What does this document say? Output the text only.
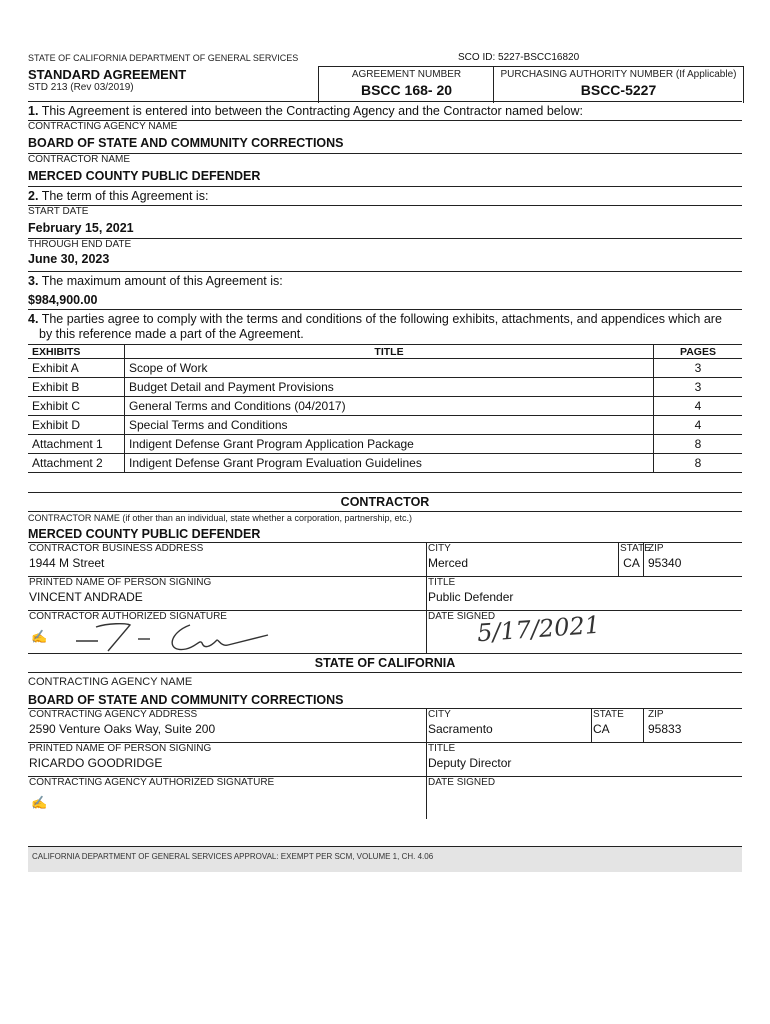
STATE OF CALIFORNIA DEPARTMENT OF GENERAL SERVICES
STANDARD AGREEMENT
STD 213 (Rev 03/2019)
SCO ID: 5227-BSCC16820
AGREEMENT NUMBER
BSCC 168- 20
PURCHASING AUTHORITY NUMBER (If Applicable)
BSCC-5227
1. This Agreement is entered into between the Contracting Agency and the Contractor named below:
CONTRACTING AGENCY NAME
BOARD OF STATE AND COMMUNITY CORRECTIONS
CONTRACTOR NAME
MERCED COUNTY PUBLIC DEFENDER
2. The term of this Agreement is:
START DATE
February 15, 2021
THROUGH END DATE
June 30, 2023
3. The maximum amount of this Agreement is:
$984,900.00
4. The parties agree to comply with the terms and conditions of the following exhibits, attachments, and appendices which are
by this reference made a part of the Agreement.
EXHIBITS	TITLE	PAGES
Exhibit A	Scope of Work	3
Exhibit B	Budget Detail and Payment Provisions	3
Exhibit C	General Terms and Conditions (04/2017)	4
Exhibit D	Special Terms and Conditions	4
Attachment 1	Indigent Defense Grant Program Application Package	8
Attachment 2	Indigent Defense Grant Program Evaluation Guidelines	8
CONTRACTOR
CONTRACTOR NAME (if other than an individual, state whether a corporation, partnership, etc.)
MERCED COUNTY PUBLIC DEFENDER
CONTRACTOR BUSINESS ADDRESS
1944 M Street
CITY
Merced
STATE
CA
ZIP
95340
PRINTED NAME OF PERSON SIGNING
VINCENT ANDRADE
TITLE
Public Defender
CONTRACTOR AUTHORIZED SIGNATURE
✍
DATE SIGNED
5/17/2021
STATE OF CALIFORNIA
CONTRACTING AGENCY NAME
BOARD OF STATE AND COMMUNITY CORRECTIONS
CONTRACTING AGENCY ADDRESS
2590 Venture Oaks Way, Suite 200
CITY
Sacramento
STATE
CA
ZIP
95833
PRINTED NAME OF PERSON SIGNING
RICARDO GOODRIDGE
TITLE
Deputy Director
CONTRACTING AGENCY AUTHORIZED SIGNATURE
✍
DATE SIGNED
CALIFORNIA DEPARTMENT OF GENERAL SERVICES APPROVAL: EXEMPT PER SCM, VOLUME 1, CH. 4.06
